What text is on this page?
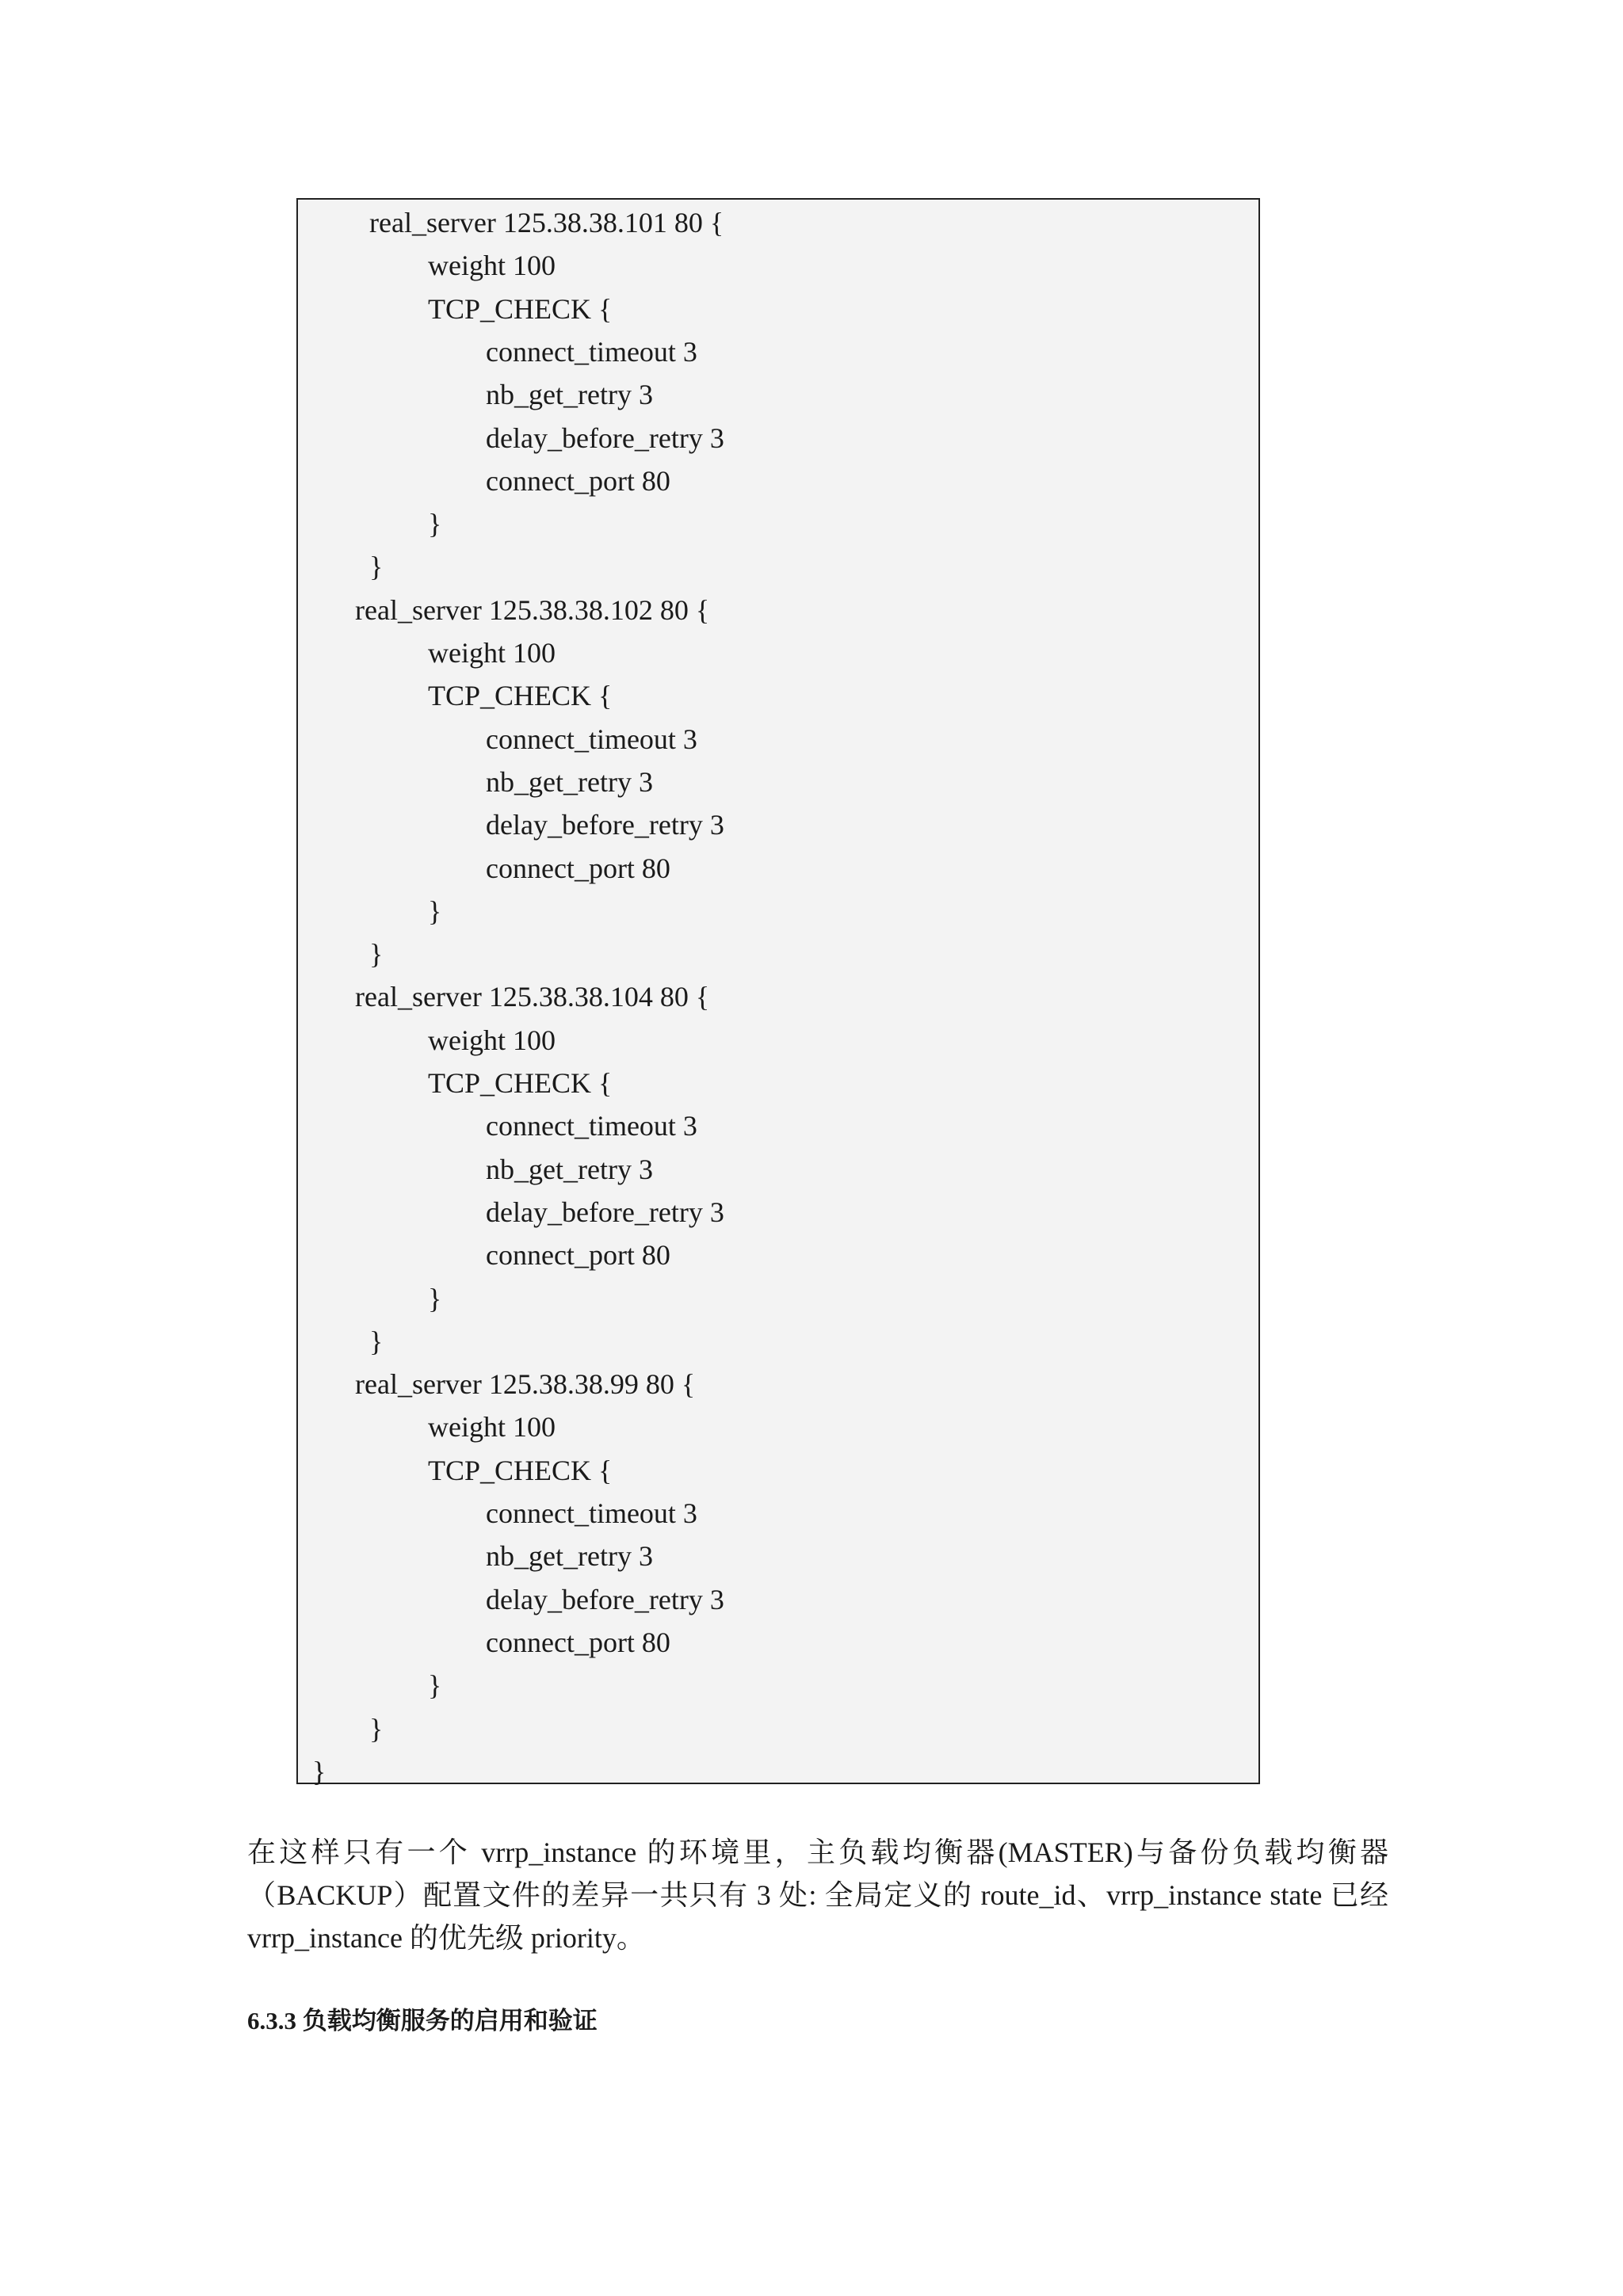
real_server 125.38.38.101 80 {
weight 100
TCP_CHECK {
connect_timeout 3
nb_get_retry 3
delay_before_retry 3
connect_port 80
}
}
real_server 125.38.38.102 80 {
weight 100
TCP_CHECK {
connect_timeout 3
nb_get_retry 3
delay_before_retry 3
connect_port 80
}
}
real_server 125.38.38.104 80 {
weight 100
TCP_CHECK {
connect_timeout 3
nb_get_retry 3
delay_before_retry 3
connect_port 80
}
}
real_server 125.38.38.99 80 {
weight 100
TCP_CHECK {
connect_timeout 3
nb_get_retry 3
delay_before_retry 3
connect_port 80
}
}
}
在这样只有一个 vrrp_instance 的环境里，主负载均衡器(MASTER)与备份负载均衡器
（BACKUP）配置文件的差异一共只有 3 处: 全局定义的 route_id、vrrp_instance state 已经
vrrp_instance 的优先级 priority。
6.3.3 负载均衡服务的启用和验证
